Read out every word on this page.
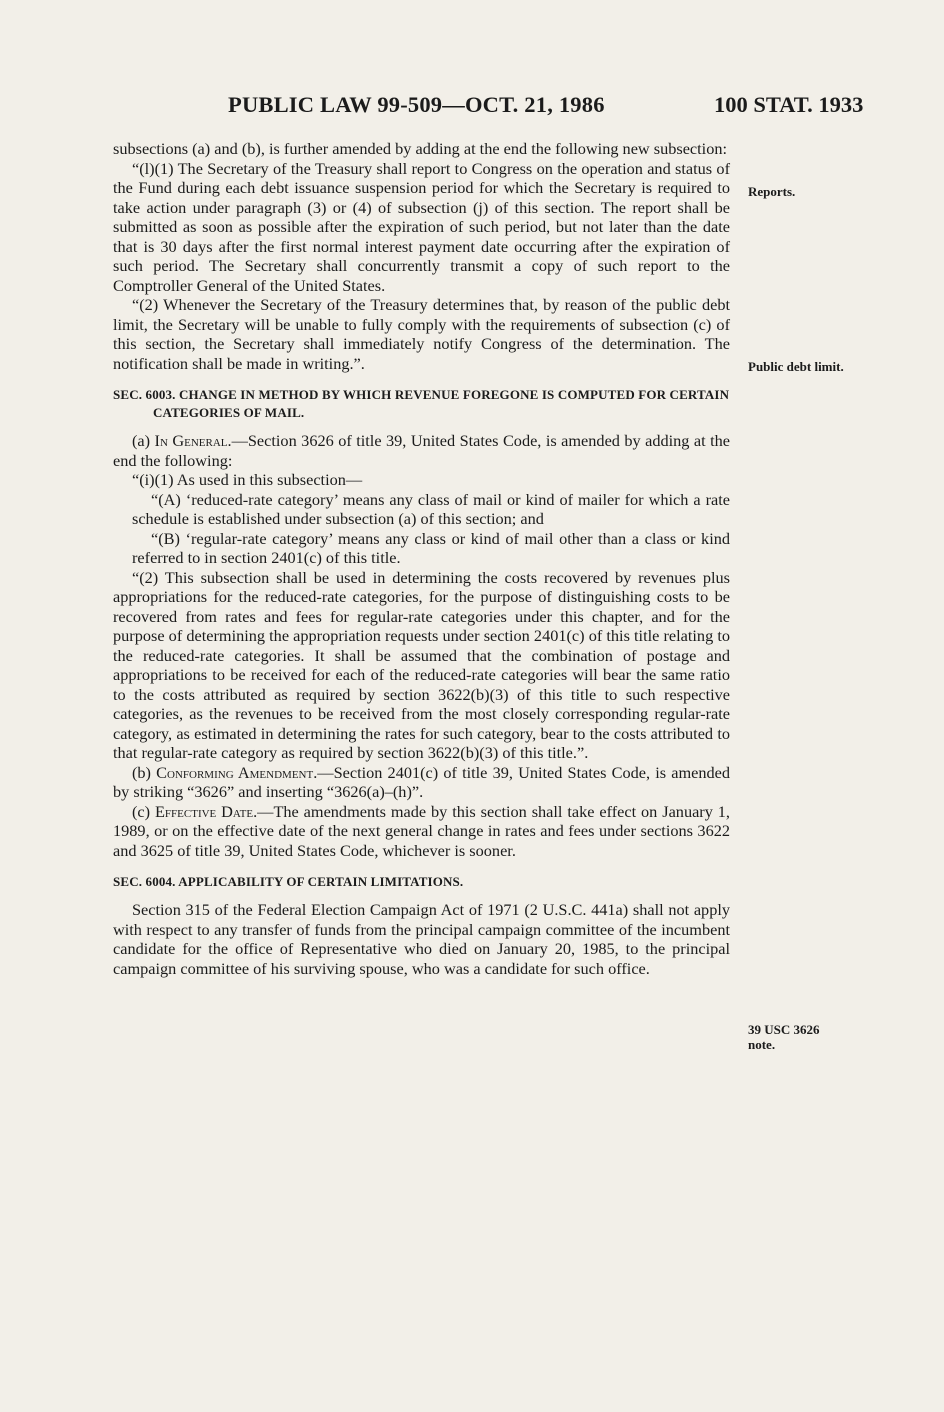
PUBLIC LAW 99-509—OCT. 21, 1986	100 STAT. 1933

subsections (a) and (b), is further amended by adding at the end the following new subsection:

“(l)(1) The Secretary of the Treasury shall report to Congress on the operation and status of the Fund during each debt issuance suspension period for which the Secretary is required to take action under paragraph (3) or (4) of subsection (j) of this section. The report shall be submitted as soon as possible after the expiration of such period, but not later than the date that is 30 days after the first normal interest payment date occurring after the expiration of such period. The Secretary shall concurrently transmit a copy of such report to the Comptroller General of the United States.

“(2) Whenever the Secretary of the Treasury determines that, by reason of the public debt limit, the Secretary will be unable to fully comply with the requirements of subsection (c) of this section, the Secretary shall immediately notify Congress of the determination. The notification shall be made in writing.”.

SEC. 6003. CHANGE IN METHOD BY WHICH REVENUE FOREGONE IS COMPUTED FOR CERTAIN CATEGORIES OF MAIL.

(a) In General.—Section 3626 of title 39, United States Code, is amended by adding at the end the following:

“(i)(1) As used in this subsection—

“(A) ‘reduced-rate category’ means any class of mail or kind of mailer for which a rate schedule is established under subsection (a) of this section; and

“(B) ‘regular-rate category’ means any class or kind of mail other than a class or kind referred to in section 2401(c) of this title.

“(2) This subsection shall be used in determining the costs recovered by revenues plus appropriations for the reduced-rate categories, for the purpose of distinguishing costs to be recovered from rates and fees for regular-rate categories under this chapter, and for the purpose of determining the appropriation requests under section 2401(c) of this title relating to the reduced-rate categories. It shall be assumed that the combination of postage and appropriations to be received for each of the reduced-rate categories will bear the same ratio to the costs attributed as required by section 3622(b)(3) of this title to such respective categories, as the revenues to be received from the most closely corresponding regular-rate category, as estimated in determining the rates for such category, bear to the costs attributed to that regular-rate category as required by section 3622(b)(3) of this title.”.

(b) Conforming Amendment.—Section 2401(c) of title 39, United States Code, is amended by striking “3626” and inserting “3626(a)–(h)”.

(c) Effective Date.—The amendments made by this section shall take effect on January 1, 1989, or on the effective date of the next general change in rates and fees under sections 3622 and 3625 of title 39, United States Code, whichever is sooner.

SEC. 6004. APPLICABILITY OF CERTAIN LIMITATIONS.

Section 315 of the Federal Election Campaign Act of 1971 (2 U.S.C. 441a) shall not apply with respect to any transfer of funds from the principal campaign committee of the incumbent candidate for the office of Representative who died on January 20, 1985, to the principal campaign committee of his surviving spouse, who was a candidate for such office.

Reports.
Public debt limit.
39 USC 3626
note.
